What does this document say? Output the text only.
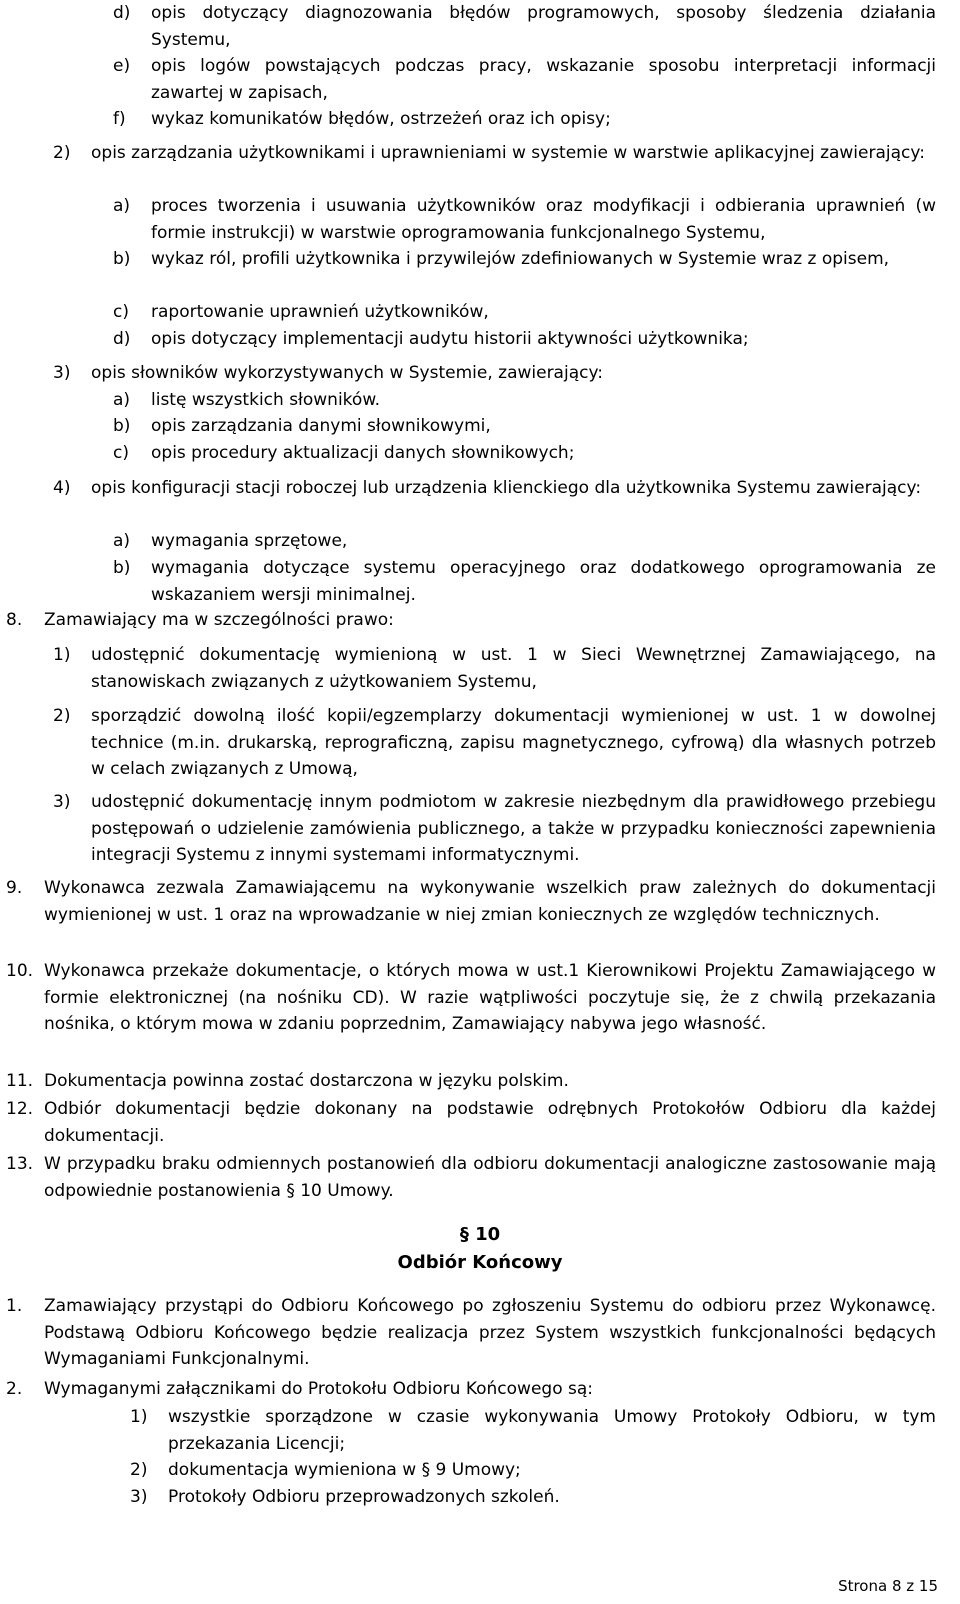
d)	opis dotyczący diagnozowania błędów programowych, sposoby śledzenia działania Systemu,
e)	opis logów powstających podczas pracy, wskazanie sposobu interpretacji informacji zawartej w zapisach,
f)	wykaz komunikatów błędów, ostrzeżeń oraz ich opisy;
2)	opis zarządzania użytkownikami i uprawnieniami w systemie w warstwie aplikacyjnej zawierający:
a)	proces tworzenia i usuwania użytkowników oraz modyfikacji i odbierania uprawnień (w formie instrukcji) w warstwie oprogramowania funkcjonalnego Systemu,
b)	wykaz ról, profili użytkownika i przywilejów zdefiniowanych w Systemie wraz z opisem,
c)	raportowanie uprawnień użytkowników,
d)	opis dotyczący implementacji audytu historii aktywności użytkownika;
3)	opis słowników wykorzystywanych w Systemie, zawierający:
a)	listę wszystkich słowników.
b)	opis zarządzania danymi słownikowymi,
c)	opis procedury aktualizacji danych słownikowych;
4)	opis konfiguracji stacji roboczej lub urządzenia klienckiego dla użytkownika Systemu zawierający:
a)	wymagania sprzętowe,
b)	wymagania dotyczące systemu operacyjnego oraz dodatkowego oprogramowania ze wskazaniem wersji minimalnej.
8.	Zamawiający ma w szczególności prawo:
1)	udostępnić dokumentację wymienioną w ust. 1 w Sieci Wewnętrznej Zamawiającego, na stanowiskach związanych z użytkowaniem Systemu,
2)	sporządzić dowolną ilość kopii/egzemplarzy dokumentacji wymienionej w ust. 1 w dowolnej technice (m.in. drukarską, reprograficzną, zapisu magnetycznego, cyfrową) dla własnych potrzeb w celach związanych z Umową,
3)	udostępnić dokumentację innym podmiotom w zakresie niezbędnym dla prawidłowego przebiegu postępowań o udzielenie zamówienia publicznego, a także w przypadku konieczności zapewnienia integracji Systemu z innymi systemami informatycznymi.
9.	Wykonawca zezwala Zamawiającemu na wykonywanie wszelkich praw zależnych do dokumentacji wymienionej w ust. 1 oraz na wprowadzanie w niej zmian koniecznych ze względów technicznych.
10. Wykonawca przekaże dokumentacje, o których mowa w ust.1 Kierownikowi Projektu Zamawiającego w formie elektronicznej (na nośniku CD). W razie wątpliwości poczytuje się, że z chwilą przekazania nośnika, o którym mowa w zdaniu poprzednim, Zamawiający nabywa jego własność.
11. Dokumentacja powinna zostać dostarczona w języku polskim.
12. Odbiór dokumentacji będzie dokonany na podstawie odrębnych Protokołów Odbioru dla każdej dokumentacji.
13. W przypadku braku odmiennych postanowień dla odbioru dokumentacji analogiczne zastosowanie mają odpowiednie postanowienia § 10 Umowy.
§ 10
Odbiór Końcowy
1.	Zamawiający przystąpi do Odbioru Końcowego po zgłoszeniu Systemu do odbioru przez Wykonawcę. Podstawą Odbioru Końcowego będzie realizacja przez System wszystkich funkcjonalności będących Wymaganiami Funkcjonalnymi.
2.	Wymaganymi załącznikami do Protokołu Odbioru Końcowego są:
1)	wszystkie sporządzone w czasie wykonywania Umowy Protokoły Odbioru, w tym przekazania Licencji;
2)	dokumentacja wymieniona w § 9 Umowy;
3)	Protokoły Odbioru przeprowadzonych szkoleń.
Strona 8 z 15
